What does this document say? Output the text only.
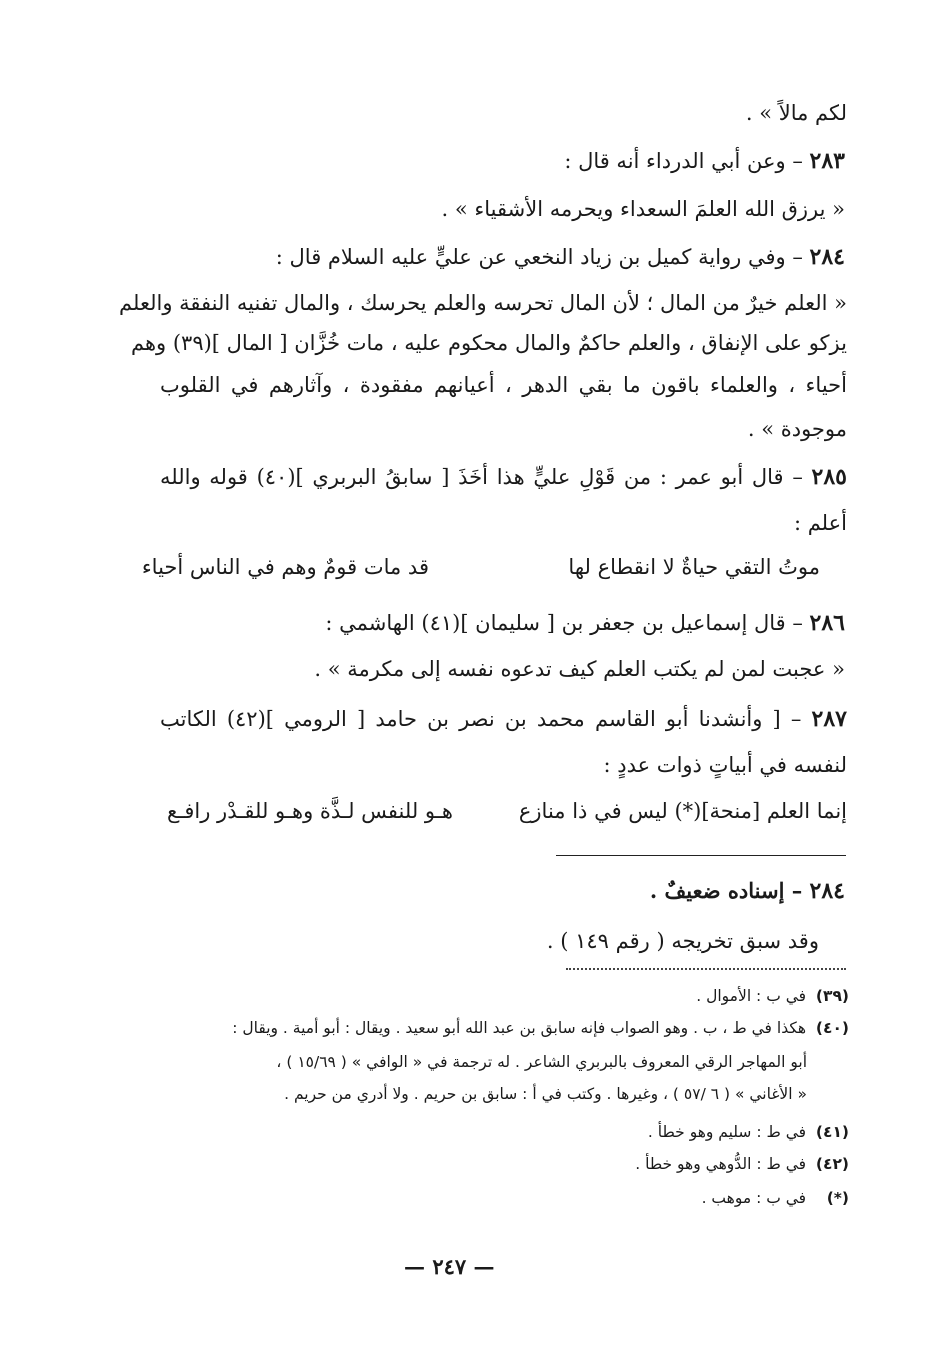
لكم مالاً » .
٢٨٣ – وعن أبي الدرداء أنه قال :
« يرزق الله العلمَ السعداء ويحرمه الأشقياء » .
٢٨٤ – وفي رواية كميل بن زياد النخعي عن عليٍّ عليه السلام قال :
« العلم خيرٌ من المال ؛ لأن المال تحرسه والعلم يحرسك ، والمال تفنيه النفقة والعلم
يزكو على الإنفاق ، والعلم حاكمٌ والمال محكوم عليه ، مات خُزَّان [ المال ](٣٩) وهم
أحياء ، والعلماء باقون ما بقي الدهر ، أعيانهم مفقودة ، وآثارهم في القلوب
موجودة » .
٢٨٥ – قال أبو عمر : من قَوْلِ عليٍّ هذا أخَذَ [ سابقُ البربري ](٤٠) قوله والله
أعلم :
موتُ التقي حياةٌ لا انقطاع لها
قد مات قومٌ وهم في الناس أحياء
٢٨٦ – قال إسماعيل بن جعفر بن [ سليمان ](٤١) الهاشمي :
« عجبت لمن لم يكتب العلم كيف تدعوه نفسه إلى مكرمة » .
٢٨٧ – [ وأنشدنا أبو القاسم محمد بن نصر بن حامد [ الرومي ](٤٢) الكاتب
لنفسه في أبياتٍ ذوات عددٍ :
إنما العلم [منحة](*) ليس في ذا منازع
هـو للنفس لـذَّة وهـو للقـدْر رافـع
٢٨٤ – إسناده ضعيفٌ .
وقد سبق تخريجه ( رقم ١٤٩ ) .
(٣٩) في ب : الأموال .
(٤٠) هكذا في ط ، ب . وهو الصواب فإنه سابق بن عبد الله أبو سعيد . ويقال : أبو أمية . ويقال :
أبو المهاجر الرقي المعروف بالبربري الشاعر . له ترجمة في « الوافي » ( ١٥/٦٩ ) ،
« الأغاني » ( ٦ /٥٧ ) ، وغيرها . وكتب في أ : سابق بن حريم . ولا أدري من حريم .
(٤١) في ط : سليم وهو خطأ .
(٤٢) في ط : الدُّوهي وهو خطأ .
(*) في ب : موهب .
— ٢٤٧ —
